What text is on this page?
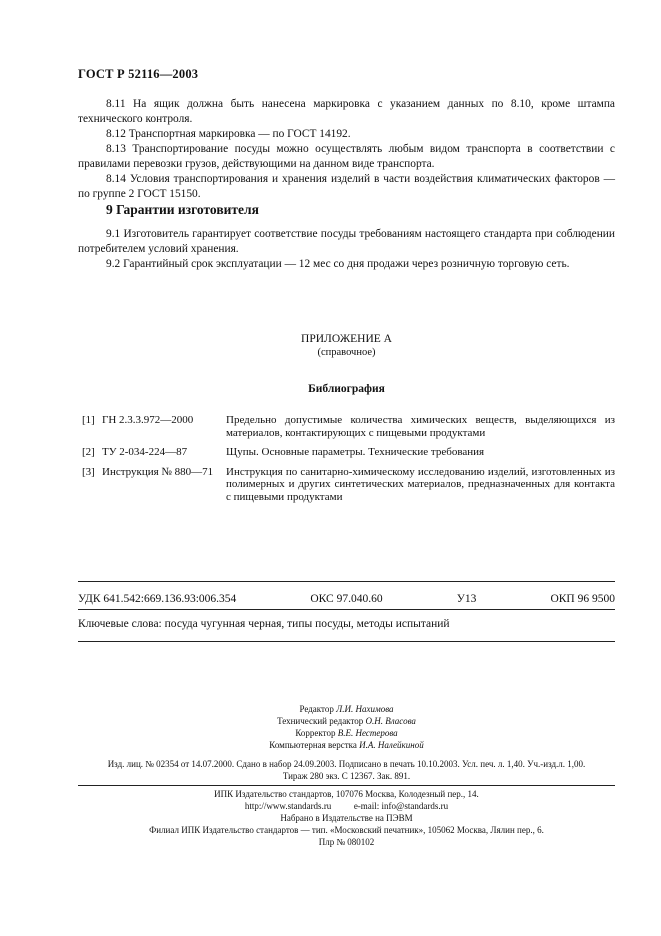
ГОСТ Р 52116—2003

8.11 На ящик должна быть нанесена маркировка с указанием данных по 8.10, кроме штампа технического контроля.

8.12 Транспортная маркировка — по ГОСТ 14192.

8.13 Транспортирование посуды можно осуществлять любым видом транспорта в соответствии с правилами перевозки грузов, действующими на данном виде транспорта.

8.14 Условия транспортирования и хранения изделий в части воздействия климатических факторов — по группе 2 ГОСТ 15150.

9 Гарантии изготовителя

9.1 Изготовитель гарантирует соответствие посуды требованиям настоящего стандарта при соблюдении потребителем условий хранения.

9.2 Гарантийный срок эксплуатации — 12 мес со дня продажи через розничную торговую сеть.

ПРИЛОЖЕНИЕ А
(справочное)
Библиография
[1] ГН 2.3.3.972—2000	Предельно допустимые количества химических веществ, выделяющихся из материалов, контактирующих с пищевыми продуктами
[2] ТУ 2-034-224—87	Щупы. Основные параметры. Технические требования
[3] Инструкция № 880—71	Инструкция по санитарно-химическому исследованию изделий, изготовленных из полимерных и других синтетических материалов, предназначенных для контакта с пищевыми продуктами
УДК 641.542:669.136.93:006.354	ОКС 97.040.60	У13	ОКП 96 9500
Ключевые слова: посуда чугунная черная, типы посуды, методы испытаний
Редактор Л.И. Нахимова
Технический редактор О.Н. Власова
Корректор В.Е. Нестерова
Компьютерная верстка И.А. Налейкиной
Изд. лиц. № 02354 от 14.07.2000. Сдано в набор 24.09.2003. Подписано в печать 10.10.2003. Усл. печ. л. 1,40. Уч.-изд.л. 1,00.
Тираж 280 экз. С 12367. Зак. 891.
ИПК Издательство стандартов, 107076 Москва, Колодезный пер., 14.
http://www.standards.ru	e-mail: info@standards.ru
Набрано в Издательстве на ПЭВМ
Филиал ИПК Издательство стандартов — тип. «Московский печатник», 105062 Москва, Лялин пер., 6.
Плр № 080102
